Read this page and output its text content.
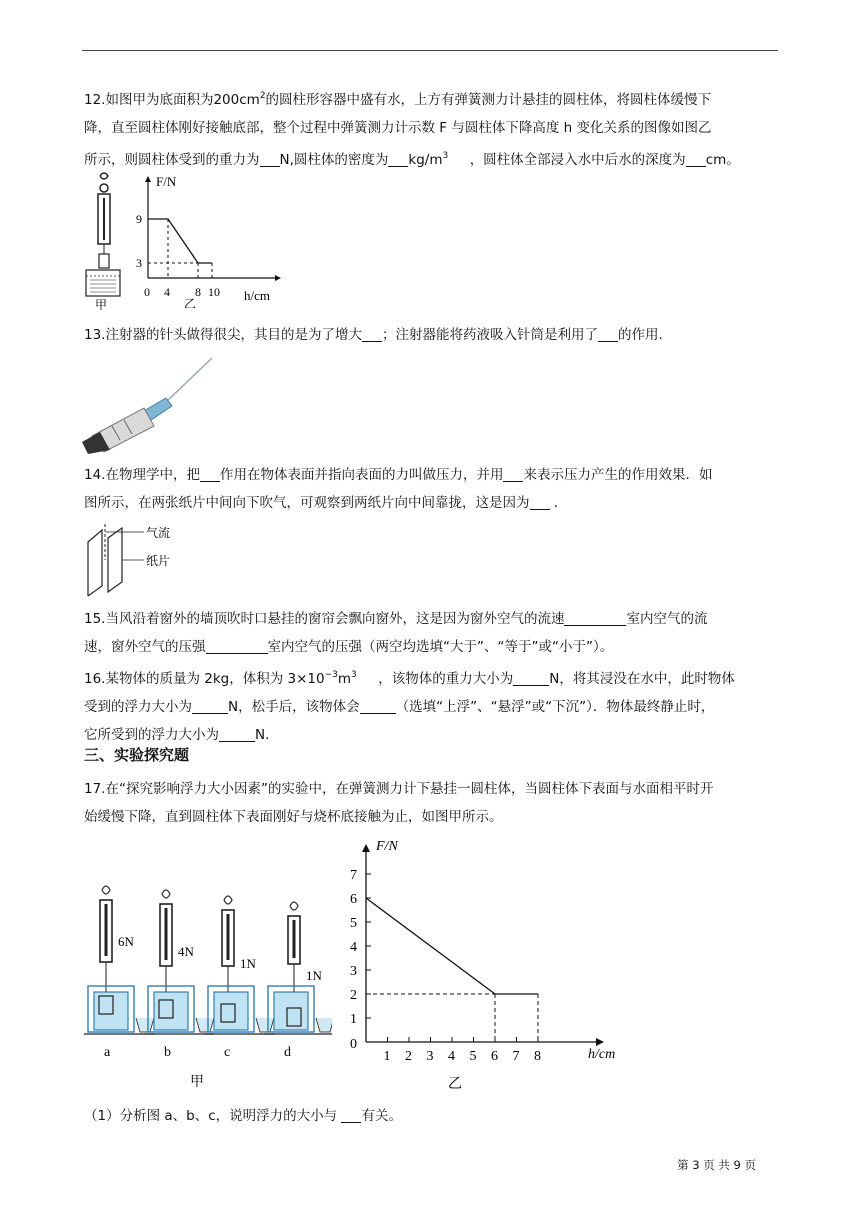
12.如图甲为底面积为$200cm^2$的圆柱形容器中盛有水，上方有弹簧测力计悬挂的圆柱体，将圆柱体缓慢下
降，直至圆柱体刚好接触底部，整个过程中弹簧测力计示数 F 与圆柱体下降高度 h 变化关系的图像如图乙
所示，则圆柱体受到的重力为 N,圆柱体的密度为 $kg/m^3$ ，圆柱体全部浸入水中后水的深度为 cm。
甲
F/N
h/cm
0 4 8 10
9
3
乙
13.注射器的针头做得很尖，其目的是为了增大 ；注射器能将药液吸入针筒是利用了 的作用.
14.在物理学中，把 作用在物体表面并指向表面的力叫做压力，并用 来表示压力产生的作用效果．如
图所示，在两张纸片中间向下吹气，可观察到两纸片向中间靠拢，这是因为 ．
气流
纸片
15.当风沿着窗外的墙顶吹时口悬挂的窗帘会飘向窗外，这是因为窗外空气的流速	室内空气的流
速，窗外空气的压强	室内空气的压强（两空均选填“大于”、“等于”或“小于”）。
16.某物体的质量为 2kg，体积为 $3\times 10^{-3}m^3$ ，该物体的重力大小为	N，将其浸没在水中，此时物体
受到的浮力大小为	N，松手后，该物体会	（选填“上浮”、“悬浮”或“下沉”）．物体最终静止时，
它所受到的浮力大小为	N.
三、实验探究题
17.在“探究影响浮力大小因素”的实验中，在弹簧测力计下悬挂一圆柱体，当圆柱体下表面与水面相平时开
始缓慢下降，直到圆柱体下表面刚好与烧杯底接触为止，如图甲所示。
6N
a
4N
b
1N
c
1N
d
甲
F/N
h/cm
0
乙
1
2
3
4
5
6
7
1 2 3 4 5 6 7 8
（1）分析图 a、b、c，说明浮力的大小与 有关。
第 3 页 共 9 页
